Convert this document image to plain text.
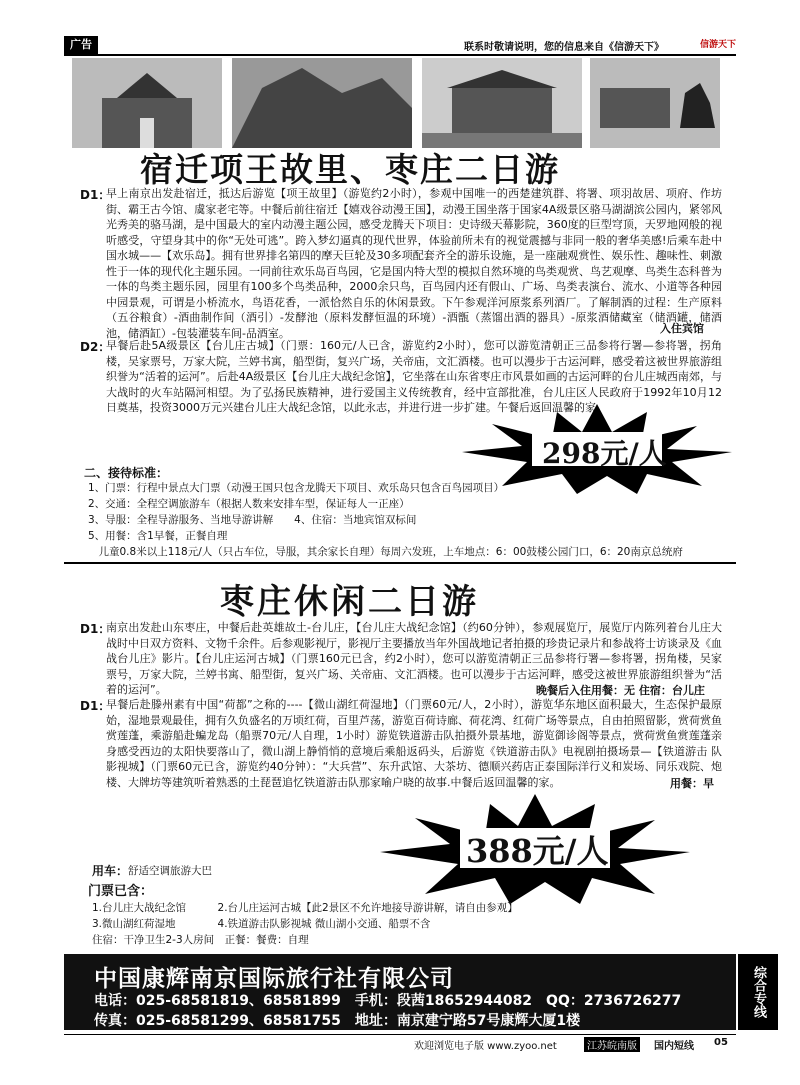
广告	联系时敬请说明，您的信息来自《信游天下》	信游天下
宿迁项王故里、枣庄二日游
D1：
早上南京出发赴宿迁，抵达后游览【项王故里】（游览约2小时），参观中国唯一的西楚建筑群、将署、项羽故居、项府、作坊街、霸王古今馆、虞家老宅等。中餐后前往宿迁【嬉戏谷动漫王国】，动漫王国坐落于国家4A级景区骆马湖湖滨公园内，紧邻风光秀美的骆马湖，是中国最大的室内动漫主题公园，感受龙腾天下项目：史诗级天幕影院，360度的巨型穹顶，天罗地网般的视听感受，守望身其中的你“无处可逃”。跨入梦幻逼真的现代世界，体验前所未有的视觉震撼与非同一般的奢华美感!后乘车赴中国水城——【欢乐岛】。拥有世界排名第四的摩天巨轮及30多项配套齐全的游乐设施，是一座融观赏性、娱乐性、趣味性、刺激性于一体的现代化主题乐园。一同前往欢乐岛百鸟园，它是国内特大型的模拟自然环境的鸟类观赏、鸟艺观摩、鸟类生态科普为一体的鸟类主题乐园，园里有100多个鸟类品种，2000余只鸟，百鸟园内还有假山、广场、鸟类表演台、流水、小道等各种园中园景观，可谓是小桥流水，鸟语花香，一派恰然自乐的休闲景致。下午参观洋河原浆系列酒厂。了解制酒的过程：生产原料（五谷粮食）-酒曲制作间（酒引）-发酵池（原料发酵恒温的环境）-酒甑（蒸馏出酒的器具）-原浆酒储藏室（储酒罐，储酒池，储酒缸）-包装灌装车间-品酒室。	入住宾馆
D2：
早餐后赴5A级景区【台儿庄古城】（门票：160元/人已含，游览约2小时），您可以游览清朝正三品参将行署—参将署，拐角楼，吴家票号，万家大院，兰婷书寓，船型街，复兴广场，关帝庙，文汇酒楼。也可以漫步于古运河畔，感受着这被世界旅游组织誉为“活着的运河”。后赴4A级景区【台儿庄大战纪念馆】，它坐落在山东省枣庄市风景如画的古运河畔的台儿庄城西南郊，与大战时的火车站隔河相望。为了弘扬民族精神，进行爱国主义传统教育，经中宣部批准，台儿庄区人民政府于1992年10月12日奠基，投资3000万元兴建台儿庄大战纪念馆，以此永志，并进行进一步扩建。午餐后返回温馨的家。
298元/人
二、接待标准：
1、门票：行程中景点大门票（动漫王国只包含龙腾天下项目、欢乐岛只包含百鸟园项目）
2、交通：全程空调旅游车（根据人数来安排车型，保证每人一正座）
3、导服：全程导游服务、当地导游讲解　　4、住宿：当地宾馆双标间
5、用餐：含1早餐，正餐自理
　儿童0.8米以上118元/人（只占车位，导服，其余家长自理）每周六发班，上车地点：6：00鼓楼公园门口，6：20南京总统府
枣庄休闲二日游
D1：
南京出发赴山东枣庄，中餐后赴英雄故土-台儿庄，【台儿庄大战纪念馆】（约60分钟），参观展览厅，展览厅内陈列着台儿庄大战时中日双方资料、文物千余件。后参观影视厅，影视厅主要播放当年外国战地记者拍摄的珍贵记录片和参战将士访谈录及《血战台儿庄》影片。【台儿庄运河古城】（门票160元已含，约2小时），您可以游览清朝正三品参将行署—参将署，拐角楼，吴家票号，万家大院，兰婷书寓、船型街，复兴广场、关帝庙、文汇酒楼。也可以漫步于古运河畔，感受这被世界旅游组织誉为“活着的运河”。	晚餐后入住用餐：无 住宿：台儿庄
D1：
早餐后赴滕州素有中国“荷都”之称的----【微山湖红荷湿地】（门票60元/人，2小时），游览华东地区面积最大，生态保护最原始，湿地景观最佳，拥有久负盛名的万顷红荷，百里芦荡，游览百荷诗廊、荷花湾、红荷广场等景点，自由拍照留影，赏荷赏鱼赏莲蓬，乘游船赴蝙龙岛（船票70元/人自理，1小时）游览铁道游击队拍摄外景基地，游览御诊阁等景点，赏荷赏鱼赏莲蓬亲身感受西边的太阳快要落山了，微山湖上静悄悄的意境后乘船返码头，后游览《铁道游击队》电视剧拍摄场景—【铁道游击 队影视城】（门票60元已含，游览约40分钟）：“大兵营”、东升武馆、大茶坊、德顺兴药店正泰国际洋行义和炭场、同乐戏院、炮楼、大牌坊等建筑听着熟悉的土琵琶追忆铁道游击队那家喻户晓的故事.中餐后返回温馨的家。	用餐：早
388元/人
用车： 舒适空调旅游大巴
门票已含：
1.台儿庄大战纪念馆　　　2.台儿庄运河古城【此2景区不允许地接导游讲解，请自由参观】
3.微山湖红荷湿地　　　　4.铁道游击队影视城 微山湖小交通、船票不含
住宿：干净卫生2-3人房间　正餐：餐费：自理
中国康辉南京国际旅行社有限公司
电话：025-68581819、68581899　手机：段茜18652944082　QQ：2736726277
传真：025-68581299、68581755　地址：南京建宁路57号康辉大厦1楼
综合专线
欢迎浏览电子版 www.zyoo.net	江苏皖南版	国内短线 05
